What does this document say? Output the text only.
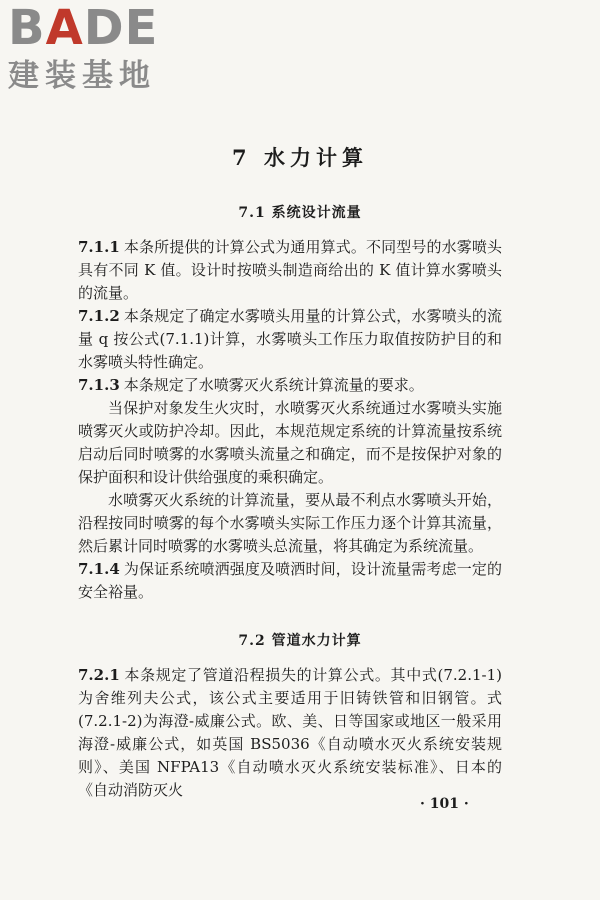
BADE
建装基地
7 水力计算
7.1 系统设计流量

7.1.1 本条所提供的计算公式为通用算式。不同型号的水雾喷头具有不同 K 值。设计时按喷头制造商给出的 K 值计算水雾喷头的流量。

7.1.2 本条规定了确定水雾喷头用量的计算公式，水雾喷头的流量 q 按公式(7.1.1)计算，水雾喷头工作压力取值按防护目的和水雾喷头特性确定。

7.1.3 本条规定了水喷雾灭火系统计算流量的要求。

当保护对象发生火灾时，水喷雾灭火系统通过水雾喷头实施喷雾灭火或防护冷却。因此，本规范规定系统的计算流量按系统启动后同时喷雾的水雾喷头流量之和确定，而不是按保护对象的保护面积和设计供给强度的乘积确定。

水喷雾灭火系统的计算流量，要从最不利点水雾喷头开始，沿程按同时喷雾的每个水雾喷头实际工作压力逐个计算其流量，然后累计同时喷雾的水雾喷头总流量，将其确定为系统流量。

7.1.4 为保证系统喷洒强度及喷洒时间，设计流量需考虑一定的安全裕量。

7.2 管道水力计算

7.2.1 本条规定了管道沿程损失的计算公式。其中式(7.2.1-1)为舍维列夫公式，该公式主要适用于旧铸铁管和旧钢管。式(7.2.1-2)为海澄-威廉公式。欧、美、日等国家或地区一般采用海澄-威廉公式，如英国 BS5036《自动喷水灭火系统安装规则》、美国 NFPA13《自动喷水灭火系统安装标准》、日本的《自动消防灭火

· 101 ·
